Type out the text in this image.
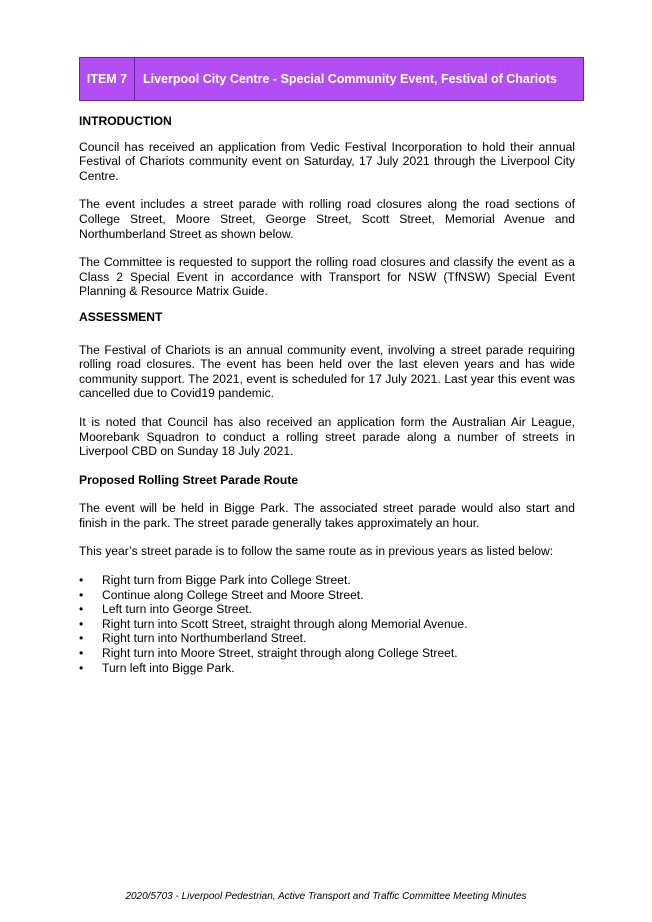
ITEM 7	Liverpool City Centre - Special Community Event, Festival of Chariots
INTRODUCTION

Council has received an application from Vedic Festival Incorporation to hold their annual Festival of Chariots community event on Saturday, 17 July 2021 through the Liverpool City Centre.

The event includes a street parade with rolling road closures along the road sections of College Street, Moore Street, George Street, Scott Street, Memorial Avenue and Northumberland Street as shown below.

The Committee is requested to support the rolling road closures and classify the event as a Class 2 Special Event in accordance with Transport for NSW (TfNSW) Special Event Planning & Resource Matrix Guide.

ASSESSMENT

The Festival of Chariots is an annual community event, involving a street parade requiring rolling road closures. The event has been held over the last eleven years and has wide community support. The 2021, event is scheduled for 17 July 2021. Last year this event was cancelled due to Covid19 pandemic.

It is noted that Council has also received an application form the Australian Air League, Moorebank Squadron to conduct a rolling street parade along a number of streets in Liverpool CBD on Sunday 18 July 2021.

Proposed Rolling Street Parade Route

The event will be held in Bigge Park. The associated street parade would also start and finish in the park. The street parade generally takes approximately an hour.

This year’s street parade is to follow the same route as in previous years as listed below:

•	Right turn from Bigge Park into College Street.
•	Continue along College Street and Moore Street.
•	Left turn into George Street.
•	Right turn into Scott Street, straight through along Memorial Avenue.
•	Right turn into Northumberland Street.
•	Right turn into Moore Street, straight through along College Street.
•	Turn left into Bigge Park.
2020/5703 - Liverpool Pedestrian, Active Transport and Traffic Committee Meeting Minutes
